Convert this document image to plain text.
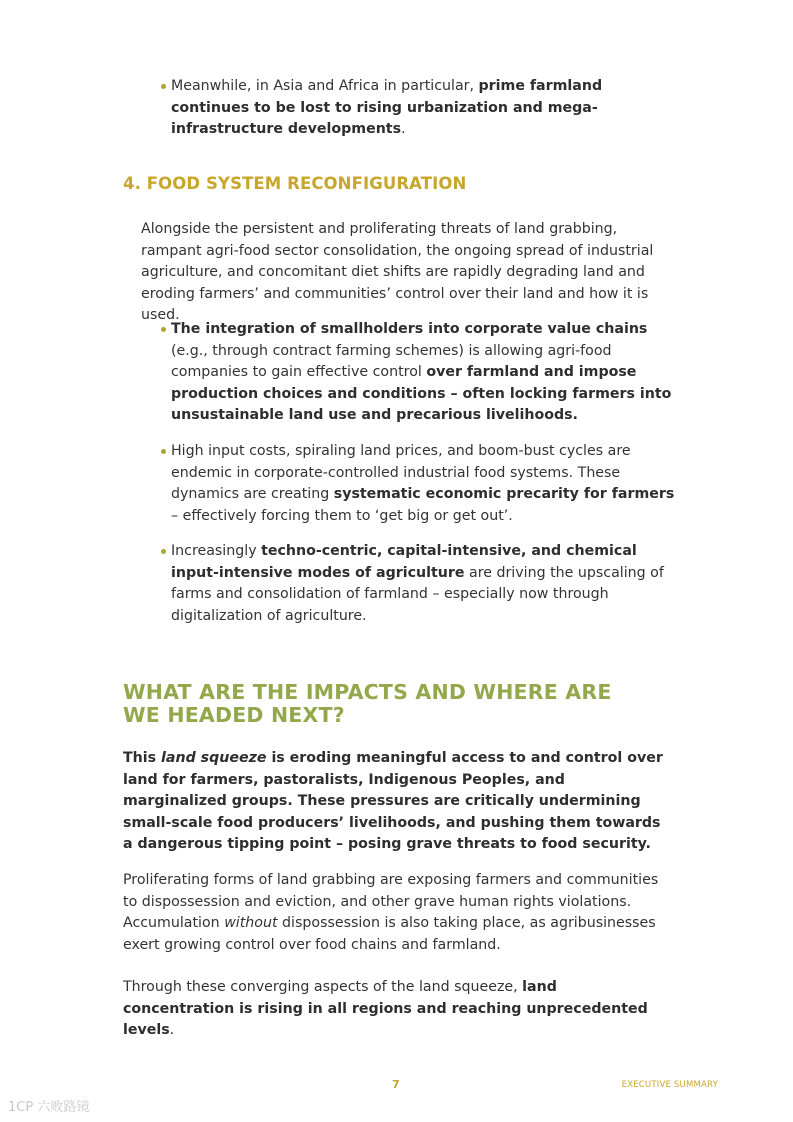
Meanwhile, in Asia and Africa in particular, prime farmland continues to be lost to rising urbanization and mega-infrastructure developments.
4. FOOD SYSTEM RECONFIGURATION
Alongside the persistent and proliferating threats of land grabbing, rampant agri-food sector consolidation, the ongoing spread of industrial agriculture, and concomitant diet shifts are rapidly degrading land and eroding farmers’ and communities’ control over their land and how it is used.
The integration of smallholders into corporate value chains (e.g., through contract farming schemes) is allowing agri-food companies to gain effective control over farmland and impose production choices and conditions – often locking farmers into unsustainable land use and precarious livelihoods.
High input costs, spiraling land prices, and boom-bust cycles are endemic in corporate-controlled industrial food systems. These dynamics are creating systematic economic precarity for farmers – effectively forcing them to ‘get big or get out’.
Increasingly techno-centric, capital-intensive, and chemical input-intensive modes of agriculture are driving the upscaling of farms and consolidation of farmland – especially now through digitalization of agriculture.
WHAT ARE THE IMPACTS AND WHERE ARE WE HEADED NEXT?
This land squeeze is eroding meaningful access to and control over land for farmers, pastoralists, Indigenous Peoples, and marginalized groups. These pressures are critically undermining small-scale food producers’ livelihoods, and pushing them towards a dangerous tipping point – posing grave threats to food security.
Proliferating forms of land grabbing are exposing farmers and communities to dispossession and eviction, and other grave human rights violations. Accumulation without dispossession is also taking place, as agribusinesses exert growing control over food chains and farmland.
Through these converging aspects of the land squeeze, land concentration is rising in all regions and reaching unprecedented levels.
7	EXECUTIVE SUMMARY
1CP 六败路镜
